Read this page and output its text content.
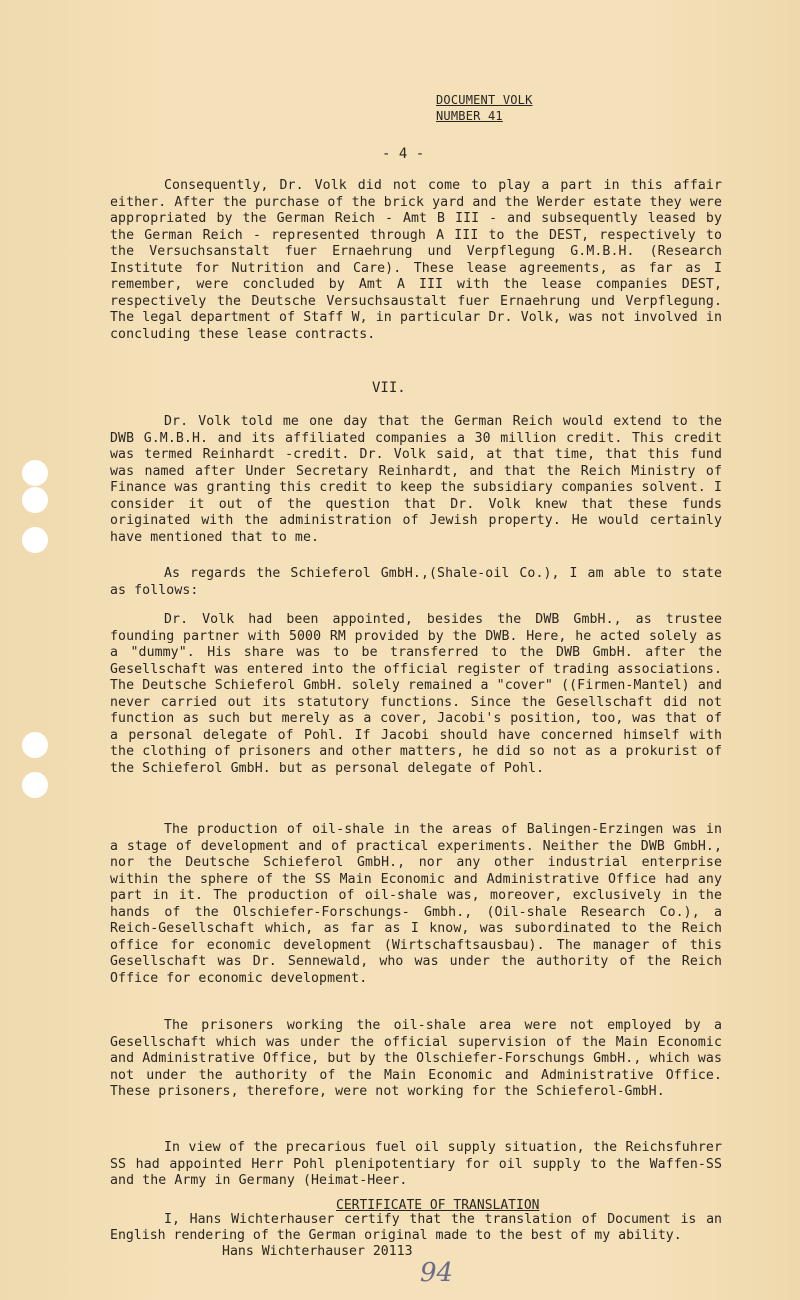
DOCUMENT VOLK
NUMBER 41
- 4 -
Consequently, Dr. Volk did not come to play a part in this affair either. After the purchase of the brick yard and the Werder estate they were appropriated by the German Reich - Amt B III - and subsequently leased by the German Reich - represented through A III to the DEST, respectively to the Versuchsanstalt fuer Ernaehrung und Verpflegung G.M.B.H. (Research Institute for Nutrition and Care). These lease agreements, as far as I remember, were concluded by Amt A III with the lease companies DEST, respectively the Deutsche Versuchsaustalt fuer Ernaehrung und Verpflegung. The legal department of Staff W, in particular Dr. Volk, was not involved in concluding these lease contracts.
VII.
Dr. Volk told me one day that the German Reich would extend to the DWB G.M.B.H. and its affiliated companies a 30 million credit. This credit was termed Reinhardt -credit. Dr. Volk said, at that time, that this fund was named after Under Secretary Reinhardt, and that the Reich Ministry of Finance was granting this credit to keep the subsidiary companies solvent. I consider it out of the question that Dr. Volk knew that these funds originated with the administration of Jewish property. He would certainly have mentioned that to me.
As regards the Schieferol GmbH.,(Shale-oil Co.), I am able to state as follows:
Dr. Volk had been appointed, besides the DWB GmbH., as trustee founding partner with 5000 RM provided by the DWB. Here, he acted solely as a "dummy". His share was to be transferred to the DWB GmbH. after the Gesellschaft was entered into the official register of trading associations. The Deutsche Schieferol GmbH. solely remained a "cover" ((Firmen-Mantel) and never carried out its statutory functions. Since the Gesellschaft did not function as such but merely as a cover, Jacobi's position, too, was that of a personal delegate of Pohl. If Jacobi should have concerned himself with the clothing of prisoners and other matters, he did so not as a prokurist of the Schieferol GmbH. but as personal delegate of Pohl.
The production of oil-shale in the areas of Balingen-Erzingen was in a stage of development and of practical experiments. Neither the DWB GmbH., nor the Deutsche Schieferol GmbH., nor any other industrial enterprise within the sphere of the SS Main Economic and Administrative Office had any part in it. The production of oil-shale was, moreover, exclusively in the hands of the Olschiefer-Forschungs- Gmbh., (Oil-shale Research Co.), a Reich-Gesellschaft which, as far as I know, was subordinated to the Reich office for economic development (Wirtschaftsausbau). The manager of this Gesellschaft was Dr. Sennewald, who was under the authority of the Reich Office for economic development.
The prisoners working the oil-shale area were not employed by a Gesellschaft which was under the official supervision of the Main Economic and Administrative Office, but by the Olschiefer-Forschungs GmbH., which was not under the authority of the Main Economic and Administrative Office. These prisoners, therefore, were not working for the Schieferol-GmbH.
In view of the precarious fuel oil supply situation, the Reichsfuhrer SS had appointed Herr Pohl plenipotentiary for oil supply to the Waffen-SS and the Army in Germany (Heimat-Heer.
CERTIFICATE OF TRANSLATION
I, Hans Wichterhauser certify that the translation of Document is an English rendering of the German original made to the best of my ability.
Hans Wichterhauser 20113
94
